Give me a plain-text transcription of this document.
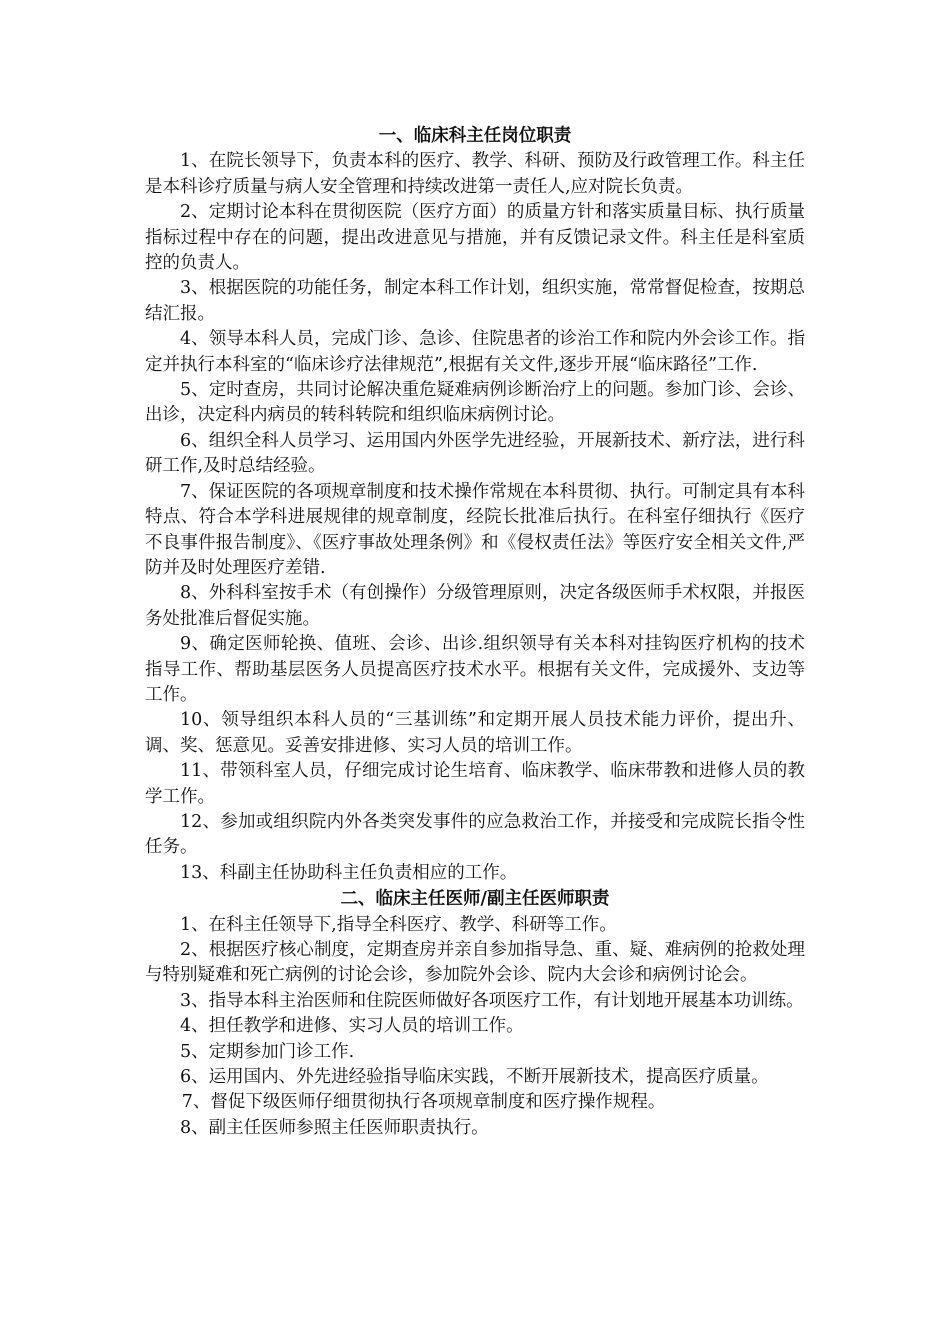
一、临床科主任岗位职责

1、在院长领导下，负责本科的医疗、教学、科研、预防及行政管理工作。科主任是本科诊疗质量与病人安全管理和持续改进第一责任人,应对院长负责。

2、定期讨论本科在贯彻医院（医疗方面）的质量方针和落实质量目标、执行质量指标过程中存在的问题，提出改进意见与措施，并有反馈记录文件。科主任是科室质控的负责人。

3、根据医院的功能任务，制定本科工作计划，组织实施，常常督促检查，按期总结汇报。

4、领导本科人员，完成门诊、急诊、住院患者的诊治工作和院内外会诊工作。指定并执行本科室的“临床诊疗法律规范”,根据有关文件,逐步开展“临床路径”工作.

5、定时查房，共同讨论解决重危疑难病例诊断治疗上的问题。参加门诊、会诊、出诊，决定科内病员的转科转院和组织临床病例讨论。

6、组织全科人员学习、运用国内外医学先进经验，开展新技术、新疗法，进行科研工作,及时总结经验。

7、保证医院的各项规章制度和技术操作常规在本科贯彻、执行。可制定具有本科特点、符合本学科进展规律的规章制度，经院长批准后执行。在科室仔细执行《医疗不良事件报告制度》、《医疗事故处理条例》和《侵权责任法》等医疗安全相关文件,严防并及时处理医疗差错.

8、外科科室按手术（有创操作）分级管理原则，决定各级医师手术权限，并报医务处批准后督促实施。

9、确定医师轮换、值班、会诊、出诊.组织领导有关本科对挂钩医疗机构的技术指导工作、帮助基层医务人员提高医疗技术水平。根据有关文件，完成援外、支边等工作。

10、领导组织本科人员的“三基训练”和定期开展人员技术能力评价，提出升、调、奖、惩意见。妥善安排进修、实习人员的培训工作。

11、带领科室人员，仔细完成讨论生培育、临床教学、临床带教和进修人员的教学工作。

12、参加或组织院内外各类突发事件的应急救治工作，并接受和完成院长指令性任务。

13、科副主任协助科主任负责相应的工作。

二、临床主任医师/副主任医师职责

1、在科主任领导下,指导全科医疗、教学、科研等工作。

2、根据医疗核心制度，定期查房并亲自参加指导急、重、疑、难病例的抢救处理与特别疑难和死亡病例的讨论会诊，参加院外会诊、院内大会诊和病例讨论会。

3、指导本科主治医师和住院医师做好各项医疗工作，有计划地开展基本功训练。

4、担任教学和进修、实习人员的培训工作。

5、定期参加门诊工作.

6、运用国内、外先进经验指导临床实践，不断开展新技术，提高医疗质量。

7、督促下级医师仔细贯彻执行各项规章制度和医疗操作规程。

8、副主任医师参照主任医师职责执行。
